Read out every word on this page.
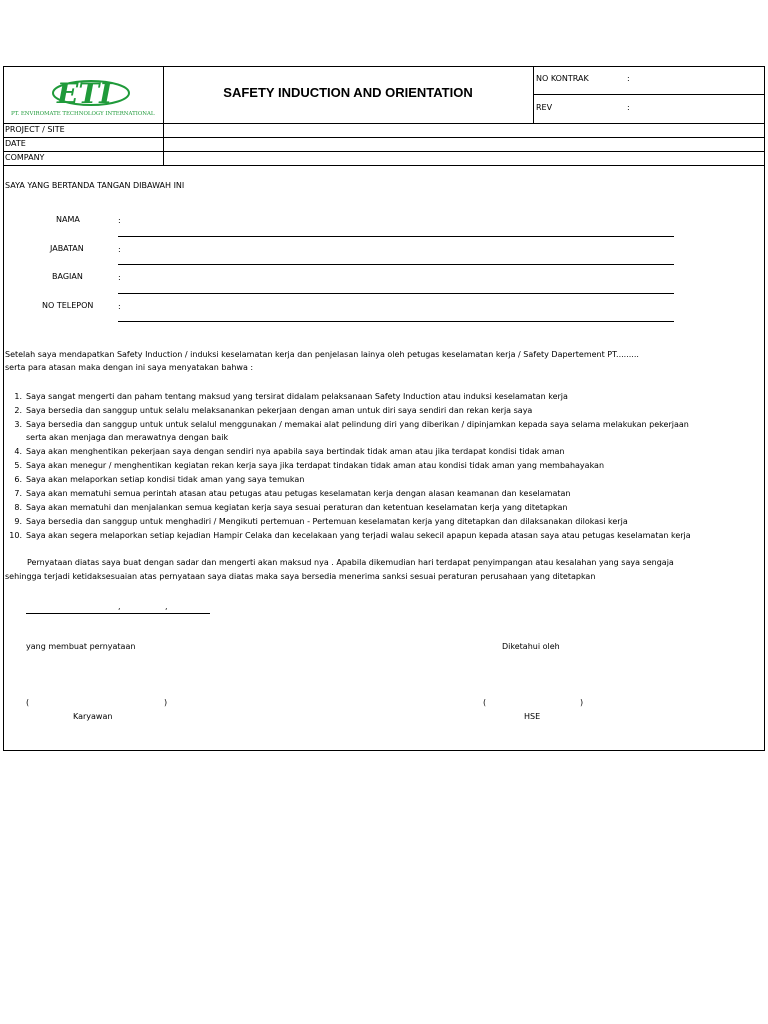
ETI
PT. ENVIROMATE TECHNOLOGY INTERNATIONAL
SAFETY INDUCTION AND ORIENTATION
NO KONTRAK	:
REV	:
PROJECT / SITE
DATE
COMPANY
SAYA YANG BERTANDA TANGAN DIBAWAH INI
NAMA	:
JABATAN	:
BAGIAN	:
NO TELEPON	:
Setelah saya mendapatkan Safety Induction / induksi keselamatan kerja dan penjelasan lainya oleh petugas keselamatan kerja / Safety Dapertement PT.........
serta para atasan maka dengan ini saya menyatakan bahwa :
1. Saya sangat mengerti dan paham tentang maksud yang tersirat didalam pelaksanaan Safety Induction atau induksi keselamatan kerja
2. Saya bersedia dan sanggup untuk selalu melaksanankan pekerjaan dengan aman untuk diri saya sendiri dan rekan kerja saya
3. Saya bersedia dan sanggup untuk untuk selalul menggunakan / memakai alat pelindung diri yang diberikan / dipinjamkan kepada saya selama melakukan pekerjaan
serta akan menjaga dan merawatnya dengan baik
4. Saya akan menghentikan pekerjaan saya dengan sendiri nya apabila saya bertindak tidak aman atau jika terdapat kondisi tidak aman
5. Saya akan menegur / menghentikan kegiatan rekan kerja saya jika terdapat tindakan tidak aman atau kondisi tidak aman yang membahayakan
6. Saya akan melaporkan setiap kondisi tidak aman yang saya temukan
7. Saya akan mematuhi semua perintah atasan atau petugas atau petugas keselamatan kerja dengan alasan keamanan dan keselamatan
8. Saya akan mematuhi dan menjalankan semua kegiatan kerja saya sesuai peraturan dan ketentuan keselamatan kerja yang ditetapkan
9. Saya bersedia dan sanggup untuk menghadiri / Mengikuti pertemuan - Pertemuan keselamatan kerja yang ditetapkan dan dilaksanakan dilokasi kerja
10. Saya akan segera melaporkan setiap kejadian Hampir Celaka dan kecelakaan yang terjadi walau sekecil apapun kepada atasan saya atau petugas keselamatan kerja
Pernyataan diatas saya buat dengan sadar dan mengerti akan maksud nya . Apabila dikemudian hari terdapat penyimpangan atau kesalahan yang saya sengaja
sehingga terjadi ketidaksesuaian atas pernyataan saya diatas maka saya bersedia menerima sanksi sesuai peraturan perusahaan yang ditetapkan
,	,
yang membuat pernyataan	Diketahui oleh
(	)	(	)
Karyawan	HSE
